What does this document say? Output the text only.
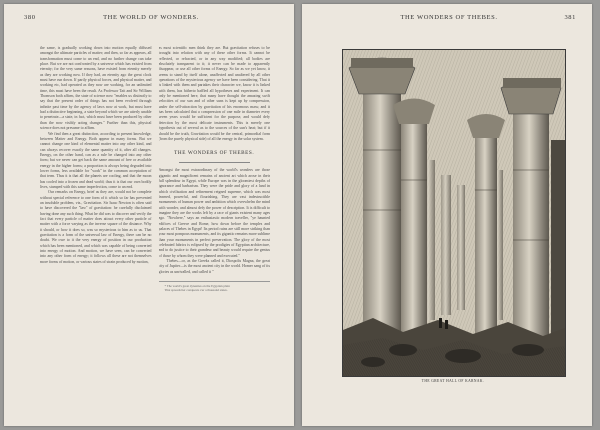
380	THE WORLD OF WONDERS.

the same, is gradually working down into motion equally diffused amongst the ultimate particles of matter; and then, so far as appears, all transformation must come to an end, and no further change can take place. But we are not confronted by a universe which has existed from eternity; for the very same reasons, have existed from eternity merely as they are working now. If they had, an eternity ago the great clock must have run down. If partly physical forces, and physical matter, and working etc, had operated as they now are working, for an unlimited time, this must have been the result. As Professor Tait and Sir William Thomson both affirm, the state of science now "enables us distinctly to say that the present order of things has not been evolved through infinite past time by the agency of laws now at work, but must have had a distinctive beginning, a state beyond which we are utterly unable to penetrate—a state, in fact, which must have been produced by other than the now visibly acting changes." Further than this, physical science does not presume to affirm.

We find then a great distinction, according to present knowledge, between Matter and Energy. Both appear in many forms. But we cannot change one kind of elemental matter into any other kind, and can always recover exactly the same quantity of it, after all changes. Energy, on the other hand, can as a rule be changed into any other form; but we never can get back the same amount of free or available energy in the higher forms; a proportion is always being degraded into lower forms, less available for "work" in the common acceptation of that term. Thus it is that all the planets are cooling, and that the moon has cooled into a frozen and dead world; thus it is that our own bodily lives, stamped with this same imperfection, come to an end.

Our remarks on Energy, brief as they are, would not be complete without special reference to one form of it which so far has prevented an insoluble problem, viz., Gravitation. Sir Isaac Newton is often said to have discovered the "law" of gravitation: he carefully disclaimed having done any such thing. What he did was to discover and verify the fact that every particle of matter does attract every other particle of matter with a force varying as the inverse square of the distance. Why it should, or how it does so, was so mysterious to him as to us. That gravitation is a form of the universal law of Energy, there can be no doubt. We owe to it the very energy of position in our production which has been mentioned, and which was capable of being converted into energy of motion. And motion, we have seen, can be converted into any other form of energy; it follows all these are not themselves more forms of motion, or various states of strain produced by motion,

as most scientific men think they are. But gravitation refuses to be brought into relation with any of these other forms. It cannot be reflected, or refracted, or in any way modified; all bodies are absolutely transparent to it; it never can be made to apparently disappear, or use all other forms of Energy. So far as we yet know, it seems to stand by itself alone, unaffected and unaltered by all other operations of the mysterious agency we have been considering. That it is linked with them and partakes their character we, know it is linked with them, has hitherto baffled all hypotheses and experiment. It can only be mentioned here, that many have thought the amazing swift velocities of our sun and of other suns is kept up by compression, under the self-attraction by gravitation of his enormous mass; and it has been calculated that a compression of one mile in diameter every seven years would be sufficient for the purpose, and would defy detection by the most delicate instruments. This is merely one hypothesis out of several as to the sources of the sun's heat; but if it should be the truth, Gravitation would be the central, primordial form (from the purely physical side) of all the energy in the solar system.

THE WONDERS OF THEBES.

Amongst the most extraordinary of the world's wonders are those gigantic and magnificent remains of ancient art which arose in their full splendour in Egypt, while Europe was in the gloomiest depths of ignorance and barbarism. They were the pride and glory of a land in which civilisation and refinement reigned supreme, which was most learned, powerful, and flourishing. They are vast indestructible monuments of human power and ambition which overwhelm the mind with wonder, and almost defy the power of description. It is difficult to imagine they are the works left by a race of giants existent many ages ago. "Nowhere," says an enthusiastic modern traveller, "ye haunted edifices of Greece and Rome, how down before the temples and palaces of Thebes in Egypt! Its period ruins are still more striking than your most pompous monuments, and its gigantic remains more sublime than your monuments in perfect preservation. The glory of the most celebrated fabrics is eclipsed by the prodigies of Egyptian architecture, and to do justice to their grandeur and beauty would require the genius of those by whom they were planned and executed."

Thebes—or, as the Greeks called it, Diospolis Magna, the great city of Jupiter—is the most ancient city in the world. Homer sang of its glories as unrivalled, and called it "

* The world's great dynasties on the Egyptian plain
That spreads her conquests o'er a thousand states.
THE WONDERS OF THEBES.	381
THE GREAT HALL OF KARNAK.
